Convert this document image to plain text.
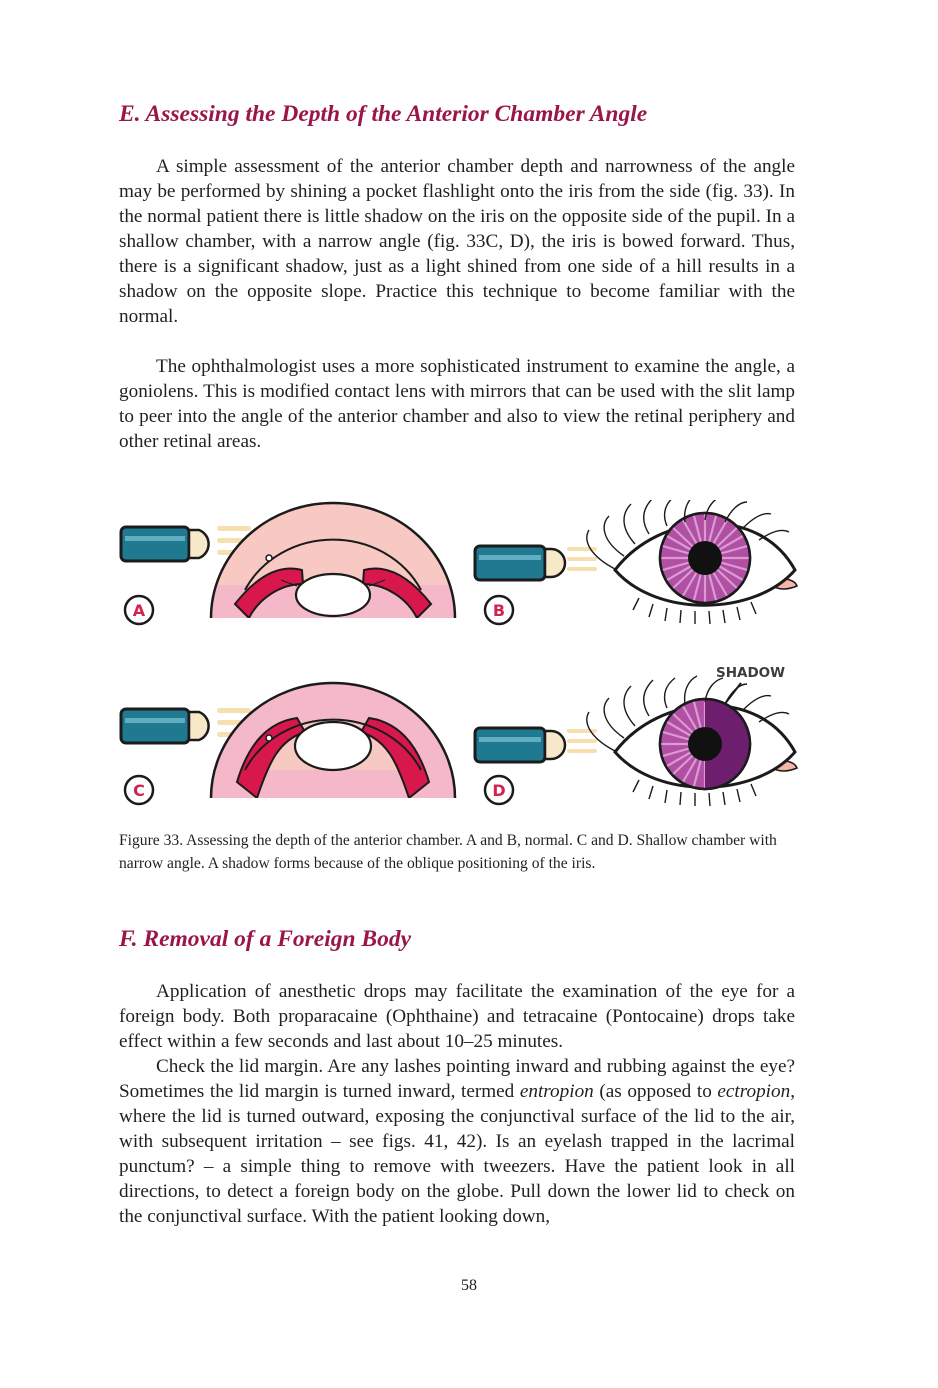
E. Assessing the Depth of the Anterior Chamber Angle

A simple assessment of the anterior chamber depth and narrowness of the angle may be performed by shining a pocket flashlight onto the iris from the side (fig. 33). In the normal patient there is little shadow on the iris on the opposite side of the pupil. In a shallow chamber, with a narrow angle (fig. 33C, D), the iris is bowed forward. Thus, there is a significant shadow, just as a light shined from one side of a hill results in a shadow on the opposite slope. Practice this technique to become familiar with the normal.

The ophthalmologist uses a more sophisticated instrument to examine the angle, a goniolens. This is modified contact lens with mirrors that can be used with the slit lamp to peer into the angle of the anterior chamber and also to view the retinal periphery and other retinal areas.

A	B
SHADOW
C	D

Figure 33. Assessing the depth of the anterior chamber. A and B, normal. C and D. Shallow chamber with narrow angle. A shadow forms because of the oblique positioning of the iris.

F. Removal of a Foreign Body

Application of anesthetic drops may facilitate the examination of the eye for a foreign body. Both proparacaine (Ophthaine) and tetracaine (Pontocaine) drops take effect within a few seconds and last about 10–25 minutes.

Check the lid margin. Are any lashes pointing inward and rubbing against the eye? Sometimes the lid margin is turned inward, termed entropion (as opposed to ectropion, where the lid is turned outward, exposing the conjunctival surface of the lid to the air, with subsequent irritation – see figs. 41, 42). Is an eyelash trapped in the lacrimal punctum? – a simple thing to remove with tweezers. Have the patient look in all directions, to detect a foreign body on the globe. Pull down the lower lid to check on the conjunctival surface. With the patient looking down,

58
